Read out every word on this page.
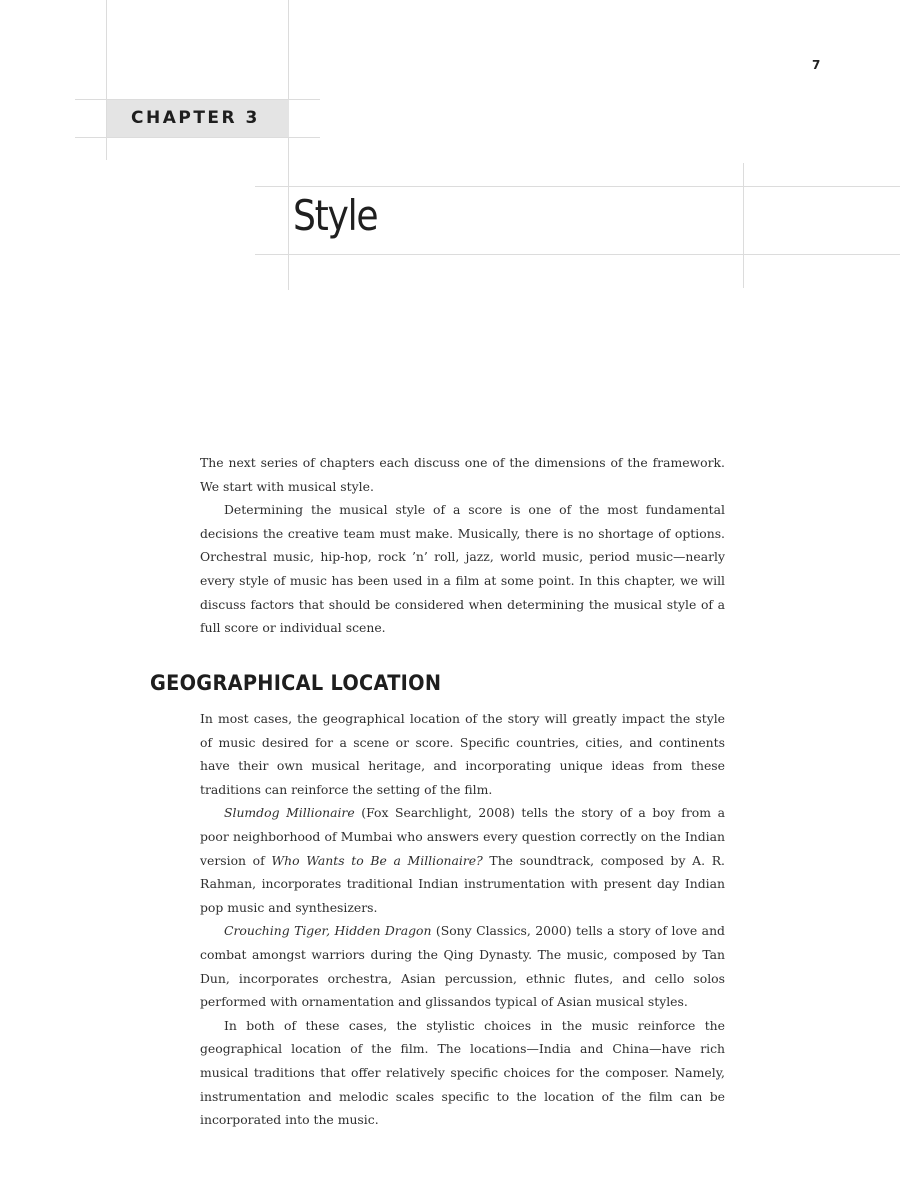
7
CHAPTER 3
Style

The next series of chapters each discuss one of the dimensions of the framework. We start with musical style.

Determining the musical style of a score is one of the most fundamental decisions the creative team must make. Musically, there is no shortage of options. Orchestral music, hip-hop, rock ’n’ roll, jazz, world music, period music—nearly every style of music has been used in a film at some point. In this chapter, we will discuss factors that should be considered when determining the musical style of a full score or individual scene.

GEOGRAPHICAL LOCATION

In most cases, the geographical location of the story will greatly impact the style of music desired for a scene or score. Specific countries, cities, and continents have their own musical heritage, and incorporating unique ideas from these traditions can reinforce the setting of the film.

Slumdog Millionaire (Fox Searchlight, 2008) tells the story of a boy from a poor neighborhood of Mumbai who answers every question correctly on the Indian version of Who Wants to Be a Millionaire? The soundtrack, composed by A. R. Rahman, incorporates traditional Indian instrumentation with present day Indian pop music and synthesizers.

Crouching Tiger, Hidden Dragon (Sony Classics, 2000) tells a story of love and combat amongst warriors during the Qing Dynasty. The music, composed by Tan Dun, incorporates orchestra, Asian percussion, ethnic flutes, and cello solos performed with ornamentation and glissandos typical of Asian musical styles.

In both of these cases, the stylistic choices in the music reinforce the geographical location of the film. The locations—India and China—have rich musical traditions that offer relatively specific choices for the composer. Namely, instrumentation and melodic scales specific to the location of the film can be incorporated into the music.
